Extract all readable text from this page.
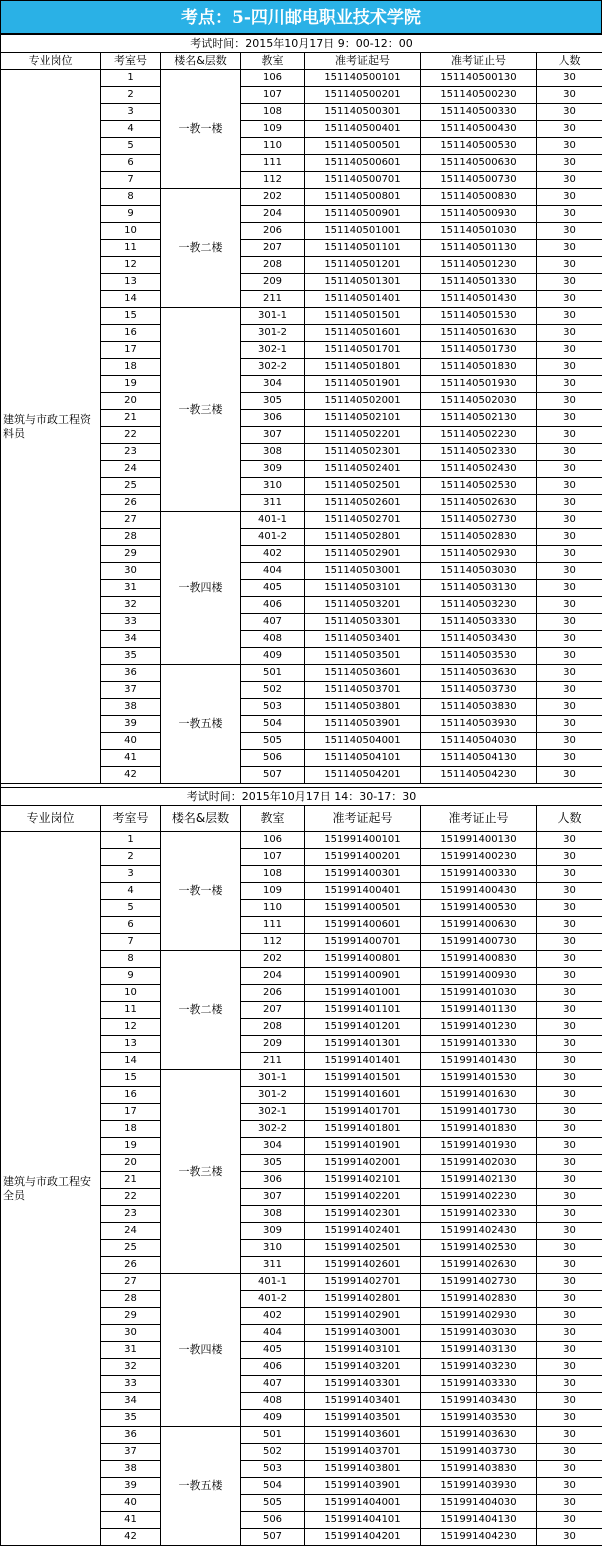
考点：5-四川邮电职业技术学院
考试时间：2015年10月17日 9：00-12：00						
专业岗位	考室号	楼名&层数	教室	准考证起号	准考证止号	人数
建筑与市政工程资料员	1	一教一楼	106	151140500101	151140500130	30
	2		107	151140500201	151140500230	30
	3		108	151140500301	151140500330	30
	4		109	151140500401	151140500430	30
	5		110	151140500501	151140500530	30
	6		111	151140500601	151140500630	30
	7		112	151140500701	151140500730	30
	8	一教二楼	202	151140500801	151140500830	30
	9		204	151140500901	151140500930	30
	10		206	151140501001	151140501030	30
	11		207	151140501101	151140501130	30
	12		208	151140501201	151140501230	30
	13		209	151140501301	151140501330	30
	14		211	151140501401	151140501430	30
	15	一教三楼	301-1	151140501501	151140501530	30
	16		301-2	151140501601	151140501630	30
	17		302-1	151140501701	151140501730	30
	18		302-2	151140501801	151140501830	30
	19		304	151140501901	151140501930	30
	20		305	151140502001	151140502030	30
	21		306	151140502101	151140502130	30
	22		307	151140502201	151140502230	30
	23		308	151140502301	151140502330	30
	24		309	151140502401	151140502430	30
	25		310	151140502501	151140502530	30
	26		311	151140502601	151140502630	30
	27	一教四楼	401-1	151140502701	151140502730	30
	28		401-2	151140502801	151140502830	30
	29		402	151140502901	151140502930	30
	30		404	151140503001	151140503030	30
	31		405	151140503101	151140503130	30
	32		406	151140503201	151140503230	30
	33		407	151140503301	151140503330	30
	34		408	151140503401	151140503430	30
	35		409	151140503501	151140503530	30
	36	一教五楼	501	151140503601	151140503630	30
	37		502	151140503701	151140503730	30
	38		503	151140503801	151140503830	30
	39		504	151140503901	151140503930	30
	40		505	151140504001	151140504030	30
	41		506	151140504101	151140504130	30
	42		507	151140504201	151140504230	30

考试时间：2015年10月17日 14：30-17：30						
专业岗位	考室号	楼名&层数	教室	准考证起号	准考证止号	人数
建筑与市政工程安全员	1	一教一楼	106	151991400101	151991400130	30
	2		107	151991400201	151991400230	30
	3		108	151991400301	151991400330	30
	4		109	151991400401	151991400430	30
	5		110	151991400501	151991400530	30
	6		111	151991400601	151991400630	30
	7		112	151991400701	151991400730	30
	8	一教二楼	202	151991400801	151991400830	30
	9		204	151991400901	151991400930	30
	10		206	151991401001	151991401030	30
	11		207	151991401101	151991401130	30
	12		208	151991401201	151991401230	30
	13		209	151991401301	151991401330	30
	14		211	151991401401	151991401430	30
	15	一教三楼	301-1	151991401501	151991401530	30
	16		301-2	151991401601	151991401630	30
	17		302-1	151991401701	151991401730	30
	18		302-2	151991401801	151991401830	30
	19		304	151991401901	151991401930	30
	20		305	151991402001	151991402030	30
	21		306	151991402101	151991402130	30
	22		307	151991402201	151991402230	30
	23		308	151991402301	151991402330	30
	24		309	151991402401	151991402430	30
	25		310	151991402501	151991402530	30
	26		311	151991402601	151991402630	30
	27	一教四楼	401-1	151991402701	151991402730	30
	28		401-2	151991402801	151991402830	30
	29		402	151991402901	151991402930	30
	30		404	151991403001	151991403030	30
	31		405	151991403101	151991403130	30
	32		406	151991403201	151991403230	30
	33		407	151991403301	151991403330	30
	34		408	151991403401	151991403430	30
	35		409	151991403501	151991403530	30
	36	一教五楼	501	151991403601	151991403630	30
	37		502	151991403701	151991403730	30
	38		503	151991403801	151991403830	30
	39		504	151991403901	151991403930	30
	40		505	151991404001	151991404030	30
	41		506	151991404101	151991404130	30
	42		507	151991404201	151991404230	30
